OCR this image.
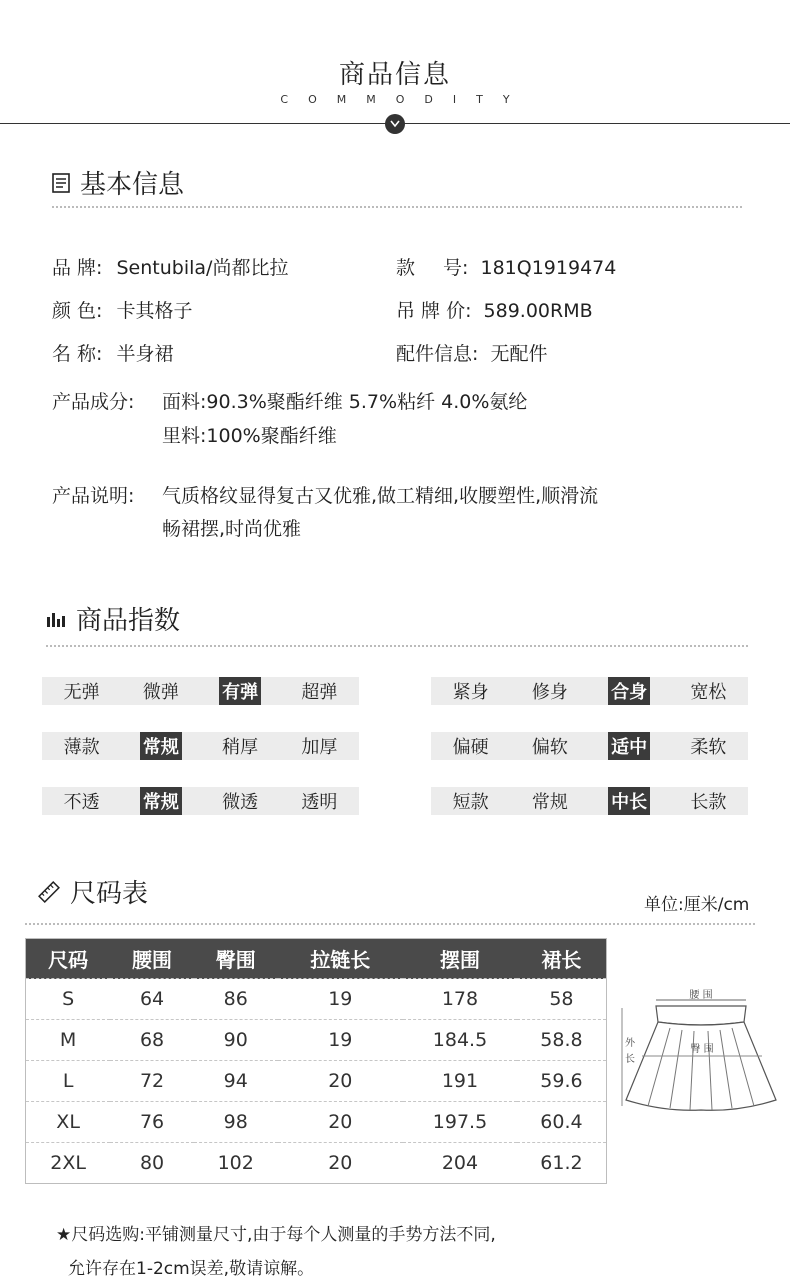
商品信息
COMMODITY
基本信息
品 牌: Sentubila/尚都比拉	款 号: 181Q1919474
颜 色: 卡其格子	吊 牌 价: 589.00RMB
名 称: 半身裙	配件信息: 无配件
产品成分: 面料:90.3%聚酯纤维 5.7%粘纤 4.0%氨纶
里料:100%聚酯纤维
产品说明: 气质格纹显得复古又优雅,做工精细,收腰塑性,顺滑流
畅裙摆,时尚优雅
商品指数
无弹 微弹 有弹 超弹	紧身 修身 合身 宽松
薄款 常规 稍厚 加厚	偏硬 偏软 适中 柔软
不透 常规 微透 透明	短款 常规 中长 长款
尺码表	单位:厘米/cm
尺码	腰围	臀围	拉链长	摆围	裙长
S	64	86	19	178	58
M	68	90	19	184.5	58.8
L	72	94	20	191	59.6
XL	76	98	20	197.5	60.4
2XL	80	102	20	204	61.2
腰 围
臀 围
外
长
★尺码选购:平铺测量尺寸,由于每个人测量的手势方法不同,
允许存在1-2cm误差,敬请谅解。
